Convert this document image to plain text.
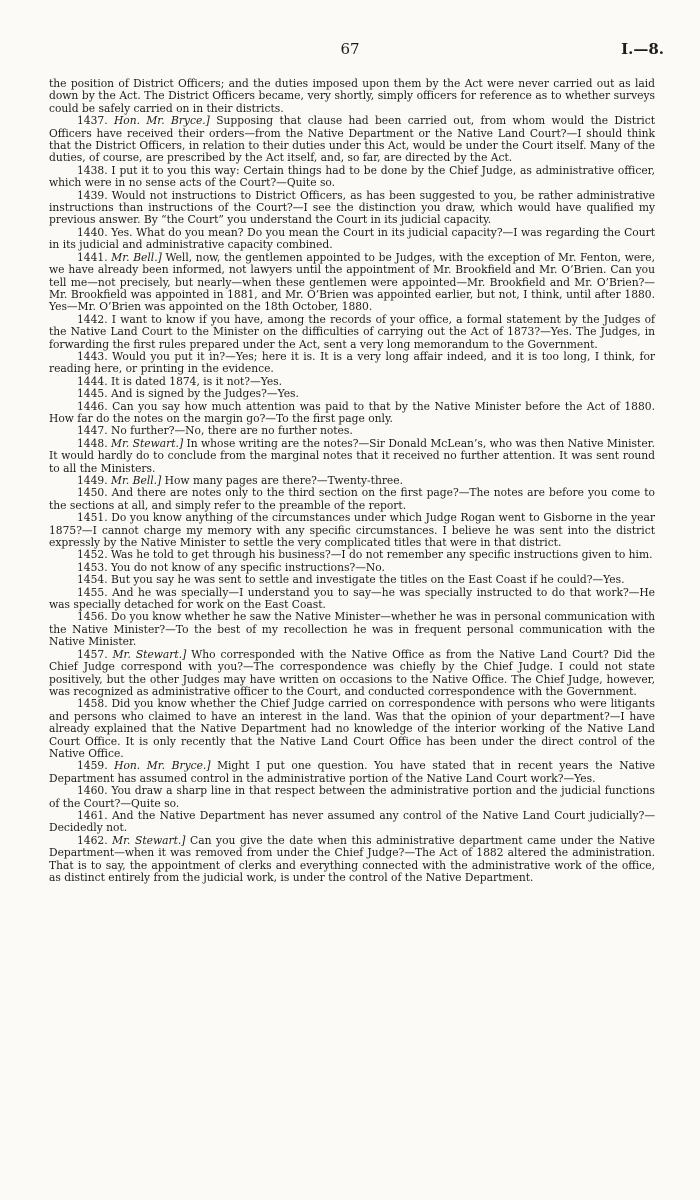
67	I.—8.

the position of District Officers; and the duties imposed upon them by the Act were never carried out as laid down by the Act. The District Officers became, very shortly, simply officers for reference as to whether surveys could be safely carried on in their districts.

1437. Hon. Mr. Bryce.] Supposing that clause had been carried out, from whom would the District Officers have received their orders—from the Native Department or the Native Land Court?—I should think that the District Officers, in relation to their duties under this Act, would be under the Court itself. Many of the duties, of course, are prescribed by the Act itself, and, so far, are directed by the Act.

1438. I put it to you this way: Certain things had to be done by the Chief Judge, as administrative officer, which were in no sense acts of the Court?—Quite so.

1439. Would not instructions to District Officers, as has been suggested to you, be rather administrative instructions than instructions of the Court?—I see the distinction you draw, which would have qualified my previous answer. By “the Court” you understand the Court in its judicial capacity.

1440. Yes. What do you mean? Do you mean the Court in its judicial capacity?—I was regarding the Court in its judicial and administrative capacity combined.

1441. Mr. Bell.] Well, now, the gentlemen appointed to be Judges, with the exception of Mr. Fenton, were, we have already been informed, not lawyers until the appointment of Mr. Brookfield and Mr. O’Brien. Can you tell me—not precisely, but nearly—when these gentlemen were appointed—Mr. Brookfield and Mr. O’Brien?—Mr. Brookfield was appointed in 1881, and Mr. O’Brien was appointed earlier, but not, I think, until after 1880. Yes—Mr. O’Brien was appointed on the 18th October, 1880.

1442. I want to know if you have, among the records of your office, a formal statement by the Judges of the Native Land Court to the Minister on the difficulties of carrying out the Act of 1873?—Yes. The Judges, in forwarding the first rules prepared under the Act, sent a very long memorandum to the Government.

1443. Would you put it in?—Yes; here it is. It is a very long affair indeed, and it is too long, I think, for reading here, or printing in the evidence.

1444. It is dated 1874, is it not?—Yes.

1445. And is signed by the Judges?—Yes.

1446. Can you say how much attention was paid to that by the Native Minister before the Act of 1880. How far do the notes on the margin go?—To the first page only.

1447. No further?—No, there are no further notes.

1448. Mr. Stewart.] In whose writing are the notes?—Sir Donald McLean’s, who was then Native Minister. It would hardly do to conclude from the marginal notes that it received no further attention. It was sent round to all the Ministers.

1449. Mr. Bell.] How many pages are there?—Twenty-three.

1450. And there are notes only to the third section on the first page?—The notes are before you come to the sections at all, and simply refer to the preamble of the report.

1451. Do you know anything of the circumstances under which Judge Rogan went to Gisborne in the year 1875?—I cannot charge my memory with any specific circumstances. I believe he was sent into the district expressly by the Native Minister to settle the very complicated titles that were in that district.

1452. Was he told to get through his business?—I do not remember any specific instructions given to him.

1453. You do not know of any specific instructions?—No.

1454. But you say he was sent to settle and investigate the titles on the East Coast if he could?—Yes.

1455. And he was specially—I understand you to say—he was specially instructed to do that work?—He was specially detached for work on the East Coast.

1456. Do you know whether he saw the Native Minister—whether he was in personal communication with the Native Minister?—To the best of my recollection he was in frequent personal communication with the Native Minister.

1457. Mr. Stewart.] Who corresponded with the Native Office as from the Native Land Court? Did the Chief Judge correspond with you?—The correspondence was chiefly by the Chief Judge. I could not state positively, but the other Judges may have written on occasions to the Native Office. The Chief Judge, however, was recognized as administrative officer to the Court, and conducted correspondence with the Government.

1458. Did you know whether the Chief Judge carried on correspondence with persons who were litigants and persons who claimed to have an interest in the land. Was that the opinion of your department?—I have already explained that the Native Department had no knowledge of the interior working of the Native Land Court Office. It is only recently that the Native Land Court Office has been under the direct control of the Native Office.

1459. Hon. Mr. Bryce.] Might I put one question. You have stated that in recent years the Native Department has assumed control in the administrative portion of the Native Land Court work?—Yes.

1460. You draw a sharp line in that respect between the administrative portion and the judicial functions of the Court?—Quite so.

1461. And the Native Department has never assumed any control of the Native Land Court judicially?—Decidedly not.

1462. Mr. Stewart.] Can you give the date when this administrative department came under the Native Department—when it was removed from under the Chief Judge?—The Act of 1882 altered the administration. That is to say, the appointment of clerks and everything connected with the administrative work of the office, as distinct entirely from the judicial work, is under the control of the Native Department.
